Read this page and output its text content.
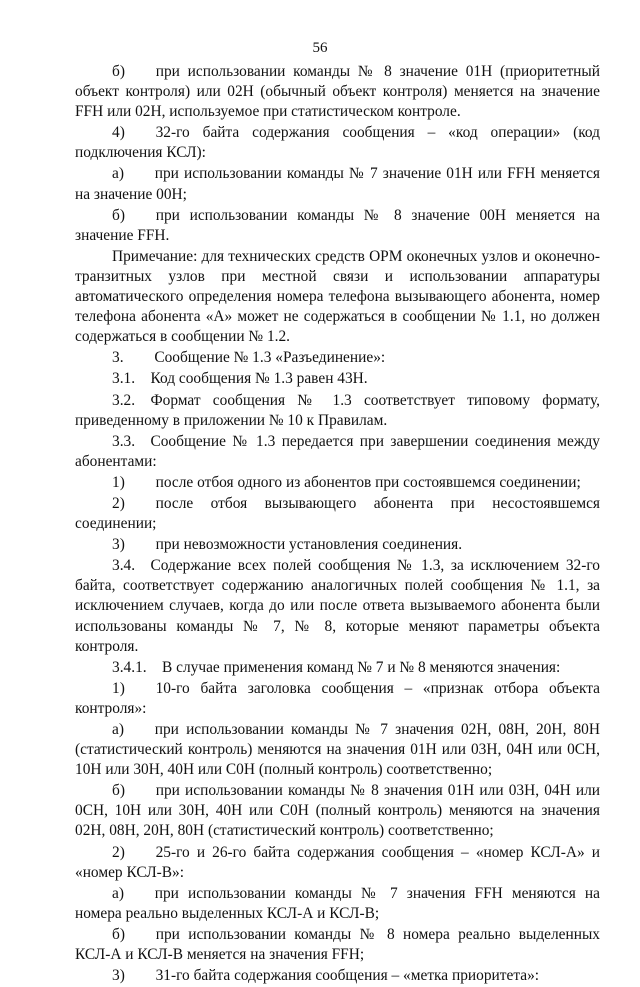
56

б)  при использовании команды № 8 значение 01Н (приоритетный объект контроля) или 02Н (обычный объект контроля) меняется на значение FFH или 02Н, используемое при статистическом контроле.

4)  32-го байта содержания сообщения – «код операции» (код подключения КСЛ):

а)  при использовании команды № 7 значение 01Н или FFH меняется на значение 00Н;

б)  при использовании команды № 8 значение 00Н меняется на значение FFH.

Примечание: для технических средств ОРМ оконечных узлов и оконечно-транзитных узлов при местной связи и использовании аппаратуры автоматического определения номера телефона вызывающего абонента, номер телефона абонента «А» может не содержаться в сообщении № 1.1, но должен содержаться в сообщении № 1.2.

3.  Сообщение № 1.3 «Разъединение»:

3.1. Код сообщения № 1.3 равен 43Н.

3.2. Формат сообщения № 1.3 соответствует типовому формату, приведенному в приложении № 10 к Правилам.

3.3. Сообщение № 1.3 передается при завершении соединения между абонентами:

1)  после отбоя одного из абонентов при состоявшемся соединении;

2)  после отбоя вызывающего абонента при несостоявшемся соединении;

3)  при невозможности установления соединения.

3.4. Содержание всех полей сообщения № 1.3, за исключением 32-го байта, соответствует содержанию аналогичных полей сообщения № 1.1, за исключением случаев, когда до или после ответа вызываемого абонента были использованы команды № 7, № 8, которые меняют параметры объекта контроля.

3.4.1. В случае применения команд № 7 и № 8 меняются значения:

1)  10-го байта заголовка сообщения – «признак отбора объекта контроля»:

а)  при использовании команды № 7 значения 02Н, 08Н, 20Н, 80Н (статистический контроль) меняются на значения 01Н или 03Н, 04Н или 0СН, 10Н или 30Н, 40Н или С0Н (полный контроль) соответственно;

б)  при использовании команды № 8 значения 01Н или 03Н, 04Н или 0СН, 10Н или 30Н, 40Н или С0Н (полный контроль) меняются на значения 02Н, 08Н, 20Н, 80Н (статистический контроль) соответственно;

2)  25-го и 26-го байта содержания сообщения – «номер КСЛ-А» и «номер КСЛ-В»:

а)  при использовании команды № 7 значения FFH меняются на номера реально выделенных КСЛ-А и КСЛ-В;

б)  при использовании команды № 8 номера реально выделенных КСЛ-А и КСЛ-В меняется на значения FFH;

3)  31-го байта содержания сообщения – «метка приоритета»:
